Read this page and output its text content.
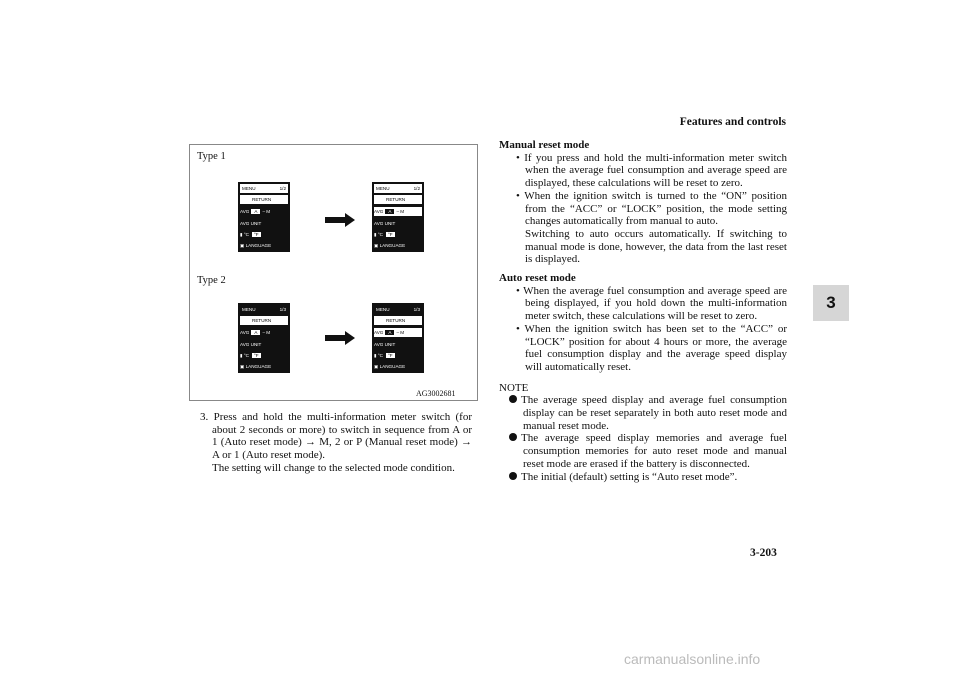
Features and controls
3
Type 1
Type 2
MENU	1/2
RETURN
AVG	A	–
M
AVG UNIT
▮
°C	°F
▣
LANGUAGE
MENU	1/2
RETURN
AVG	A	–
M
AVG UNIT
▮
°C	°F
▣
LANGUAGE
MENU	1/3
RETURN
AVG	A	–
M
AVG UNIT
▮
°C	°F
▣
LANGUAGE
MENU	1/3
RETURN
AVG	A	–
M
AVG UNIT
▮
°C	°F
▣
LANGUAGE
AG3002681

3. Press and hold the multi-information meter switch (for about 2 seconds or more) to switch in sequence from A or 1 (Auto reset mode) → M, 2 or P (Manual reset mode) → A or 1 (Auto reset mode).

The setting will change to the selected mode condition.

Manual reset mode

• If you press and hold the multi-information meter switch when the average fuel consumption and average speed are displayed, these calculations will be reset to zero.

• When the ignition switch is turned to the “ON” position from the “ACC” or “LOCK” position, the mode setting changes automatically from manual to auto.

Switching to auto occurs automatically. If switching to manual mode is done, however, the data from the last reset is displayed.

Auto reset mode

• When the average fuel consumption and average speed are being displayed, if you hold down the multi-information meter switch, these calculations will be reset to zero.

• When the ignition switch has been set to the “ACC” or “LOCK” position for about 4 hours or more, the average fuel consumption display and the average speed display will automatically reset.

NOTE

The average speed display and average fuel consumption display can be reset separately in both auto reset mode and manual reset mode.

The average speed display memories and average fuel consumption memories for auto reset mode and manual reset mode are erased if the battery is disconnected.

The initial (default) setting is “Auto reset mode”.

3-203
carmanualsonline.info
